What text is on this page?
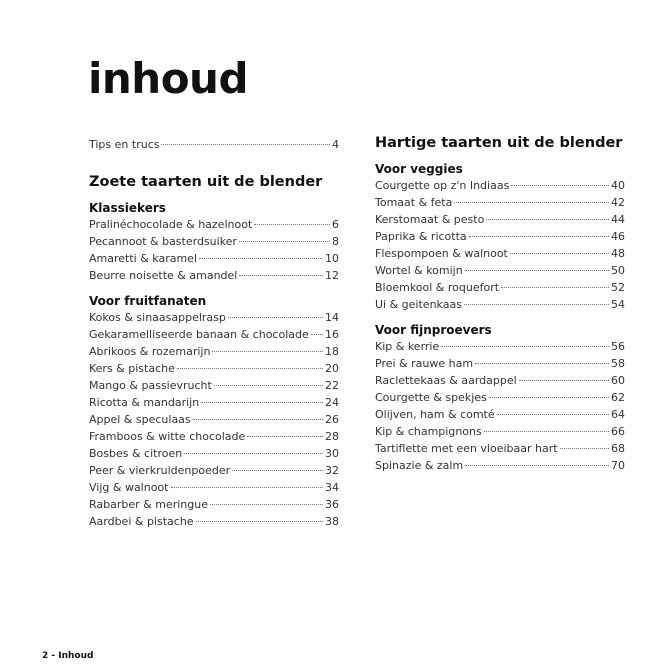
inhoud
Tips en trucs	4
Zoete taarten uit de blender
Klassiekers
Pralinéchocolade & hazelnoot	6
Pecannoot & basterdsuiker	8
Amaretti & karamel	10
Beurre noisette & amandel	12
Voor fruitfanaten
Kokos & sinaasappelrasp	14
Gekaramelliseerde banaan & chocolade 16
Abrikoos & rozemarijn	18
Kers & pistache	20
Mango & passievrucht	22
Ricotta & mandarijn	24
Appel & speculaas	26
Framboos & witte chocolade	28
Bosbes & citroen	30
Peer & vierkruidenpoeder	32
Vijg & walnoot	34
Rabarber & meringue	36
Aardbei & pistache	38
Hartige taarten uit de blender
Voor veggies
Courgette op z'n Indiaas	40
Tomaat & feta	42
Kerstomaat & pesto	44
Paprika & ricotta	46
Flespompoen & walnoot	48
Wortel & komijn	50
Bloemkool & roquefort	52
Ui & geitenkaas	54
Voor fijnproevers
Kip & kerrie	56
Prei & rauwe ham	58
Raclettekaas & aardappel	60
Courgette & spekjes	62
Olijven, ham & comté	64
Kip & champignons	66
Tartiflette met een vloeibaar hart	68
Spinazie & zalm	70
2 - Inhoud
